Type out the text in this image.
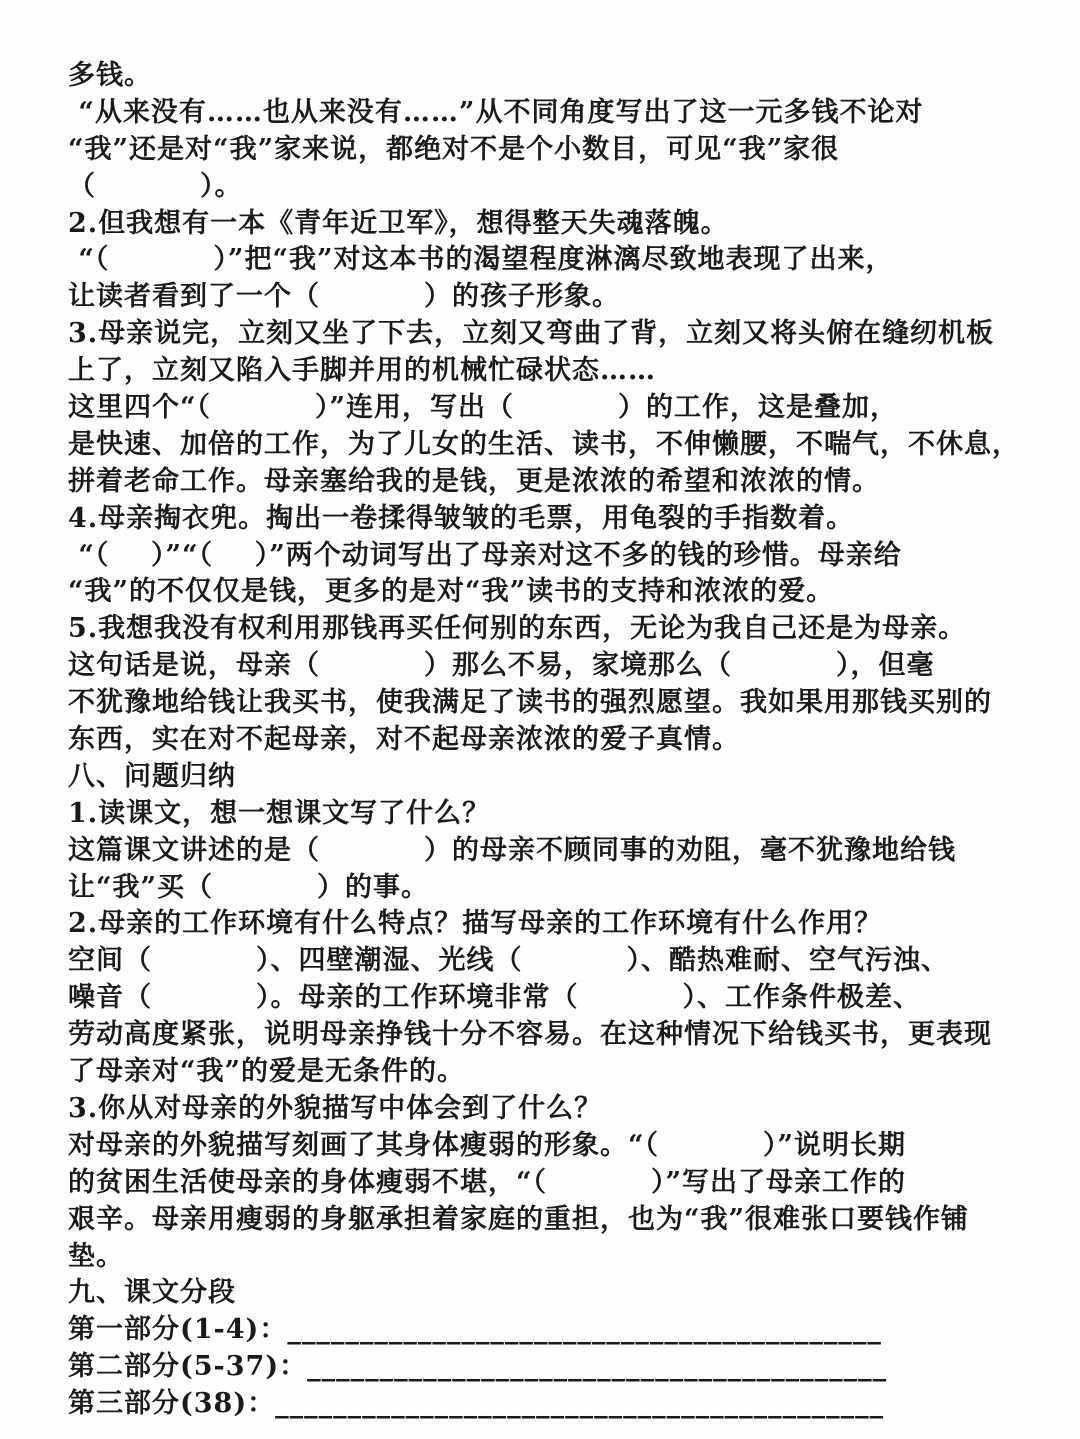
多钱。
“从来没有……也从来没有……”从不同角度写出了这一元多钱不论对
“我”还是对“我”家来说，都绝对不是个小数目，可见“我”家很
（          ）。
2.但我想有一本《青年近卫军》，想得整天失魂落魄。
“（          ）”把“我”对这本书的渴望程度淋漓尽致地表现了出来，
让读者看到了一个（          ）的孩子形象。
3.母亲说完，立刻又坐了下去，立刻又弯曲了背，立刻又将头俯在缝纫机板
上了，立刻又陷入手脚并用的机械忙碌状态……
这里四个“（          ）”连用，写出（          ）的工作，这是叠加，
是快速、加倍的工作，为了儿女的生活、读书，不伸懒腰，不喘气，不休息，
拼着老命工作。母亲塞给我的是钱，更是浓浓的希望和浓浓的情。
4.母亲掏衣兜。掏出一卷揉得皱皱的毛票，用龟裂的手指数着。
“（    ）”“（    ）”两个动词写出了母亲对这不多的钱的珍惜。母亲给
“我”的不仅仅是钱，更多的是对“我”读书的支持和浓浓的爱。
5.我想我没有权利用那钱再买任何别的东西，无论为我自己还是为母亲。
这句话是说，母亲（          ）那么不易，家境那么（          ），但毫
不犹豫地给钱让我买书，使我满足了读书的强烈愿望。我如果用那钱买别的
东西，实在对不起母亲，对不起母亲浓浓的爱子真情。
八、问题归纳
1.读课文，想一想课文写了什么？
这篇课文讲述的是（          ）的母亲不顾同事的劝阻，毫不犹豫地给钱
让“我”买（          ）的事。
2.母亲的工作环境有什么特点？描写母亲的工作环境有什么作用？
空间（          ）、四壁潮湿、光线（          ）、酷热难耐、空气污浊、
噪音（          ）。母亲的工作环境非常（          ）、工作条件极差、
劳动高度紧张，说明母亲挣钱十分不容易。在这种情况下给钱买书，更表现
了母亲对“我”的爱是无条件的。
3.你从对母亲的外貌描写中体会到了什么？
对母亲的外貌描写刻画了其身体瘦弱的形象。“（          ）”说明长期
的贫困生活使母亲的身体瘦弱不堪，“（          ）”写出了母亲工作的
艰辛。母亲用瘦弱的身躯承担着家庭的重担，也为“我”很难张口要钱作铺
垫。
九、课文分段
第一部分(1-4)：_________________________________________
第二部分(5-37)：________________________________________
第三部分(38)：__________________________________________
